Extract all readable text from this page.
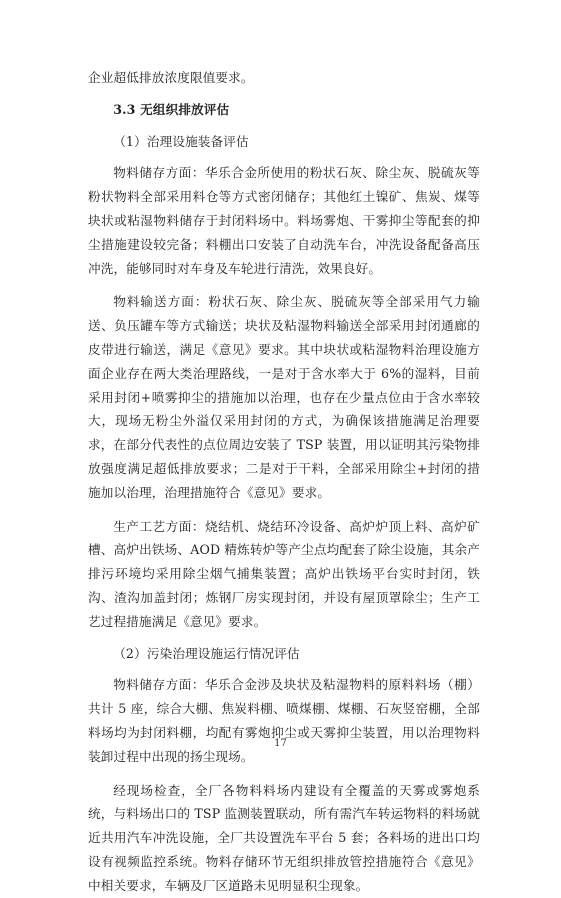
企业超低排放浓度限值要求。

3.3 无组织排放评估

（1）治理设施装备评估

物料储存方面：华乐合金所使用的粉状石灰、除尘灰、脱硫灰等粉状物料全部采用料仓等方式密闭储存；其他红土镍矿、焦炭、煤等块状或粘湿物料储存于封闭料场中。料场雾炮、干雾抑尘等配套的抑尘措施建设较完备；料棚出口安装了自动洗车台，冲洗设备配备高压冲洗，能够同时对车身及车轮进行清洗，效果良好。

物料输送方面：粉状石灰、除尘灰、脱硫灰等全部采用气力输送、负压罐车等方式输送；块状及粘湿物料输送全部采用封闭通廊的皮带进行输送，满足《意见》要求。其中块状或粘湿物料治理设施方面企业存在两大类治理路线，一是对于含水率大于 6%的湿料，目前采用封闭+喷雾抑尘的措施加以治理，也存在少量点位由于含水率较大，现场无粉尘外溢仅采用封闭的方式，为确保该措施满足治理要求，在部分代表性的点位周边安装了 TSP 装置，用以证明其污染物排放强度满足超低排放要求；二是对于干料，全部采用除尘+封闭的措施加以治理，治理措施符合《意见》要求。

生产工艺方面：烧结机、烧结环冷设备、高炉炉顶上料、高炉矿槽、高炉出铁场、AOD 精炼转炉等产尘点均配套了除尘设施，其余产排污环境均采用除尘烟气捕集装置；高炉出铁场平台实时封闭，铁沟、渣沟加盖封闭；炼钢厂房实现封闭，并设有屋顶罩除尘；生产工艺过程措施满足《意见》要求。

（2）污染治理设施运行情况评估

物料储存方面：华乐合金涉及块状及粘湿物料的原料料场（棚）共计 5 座，综合大棚、焦炭料棚、喷煤棚、煤棚、石灰竖窑棚，全部料场均为封闭料棚，均配有雾炮抑尘或天雾抑尘装置，用以治理物料装卸过程中出现的扬尘现场。

经现场检查，全厂各物料料场内建设有全覆盖的天雾或雾炮系统，与料场出口的 TSP 监测装置联动，所有需汽车转运物料的料场就近共用汽车冲洗设施，全厂共设置洗车平台 5 套；各料场的进出口均设有视频监控系统。物料存储环节无组织排放管控措施符合《意见》中相关要求，车辆及厂区道路未见明显积尘现象。

17
